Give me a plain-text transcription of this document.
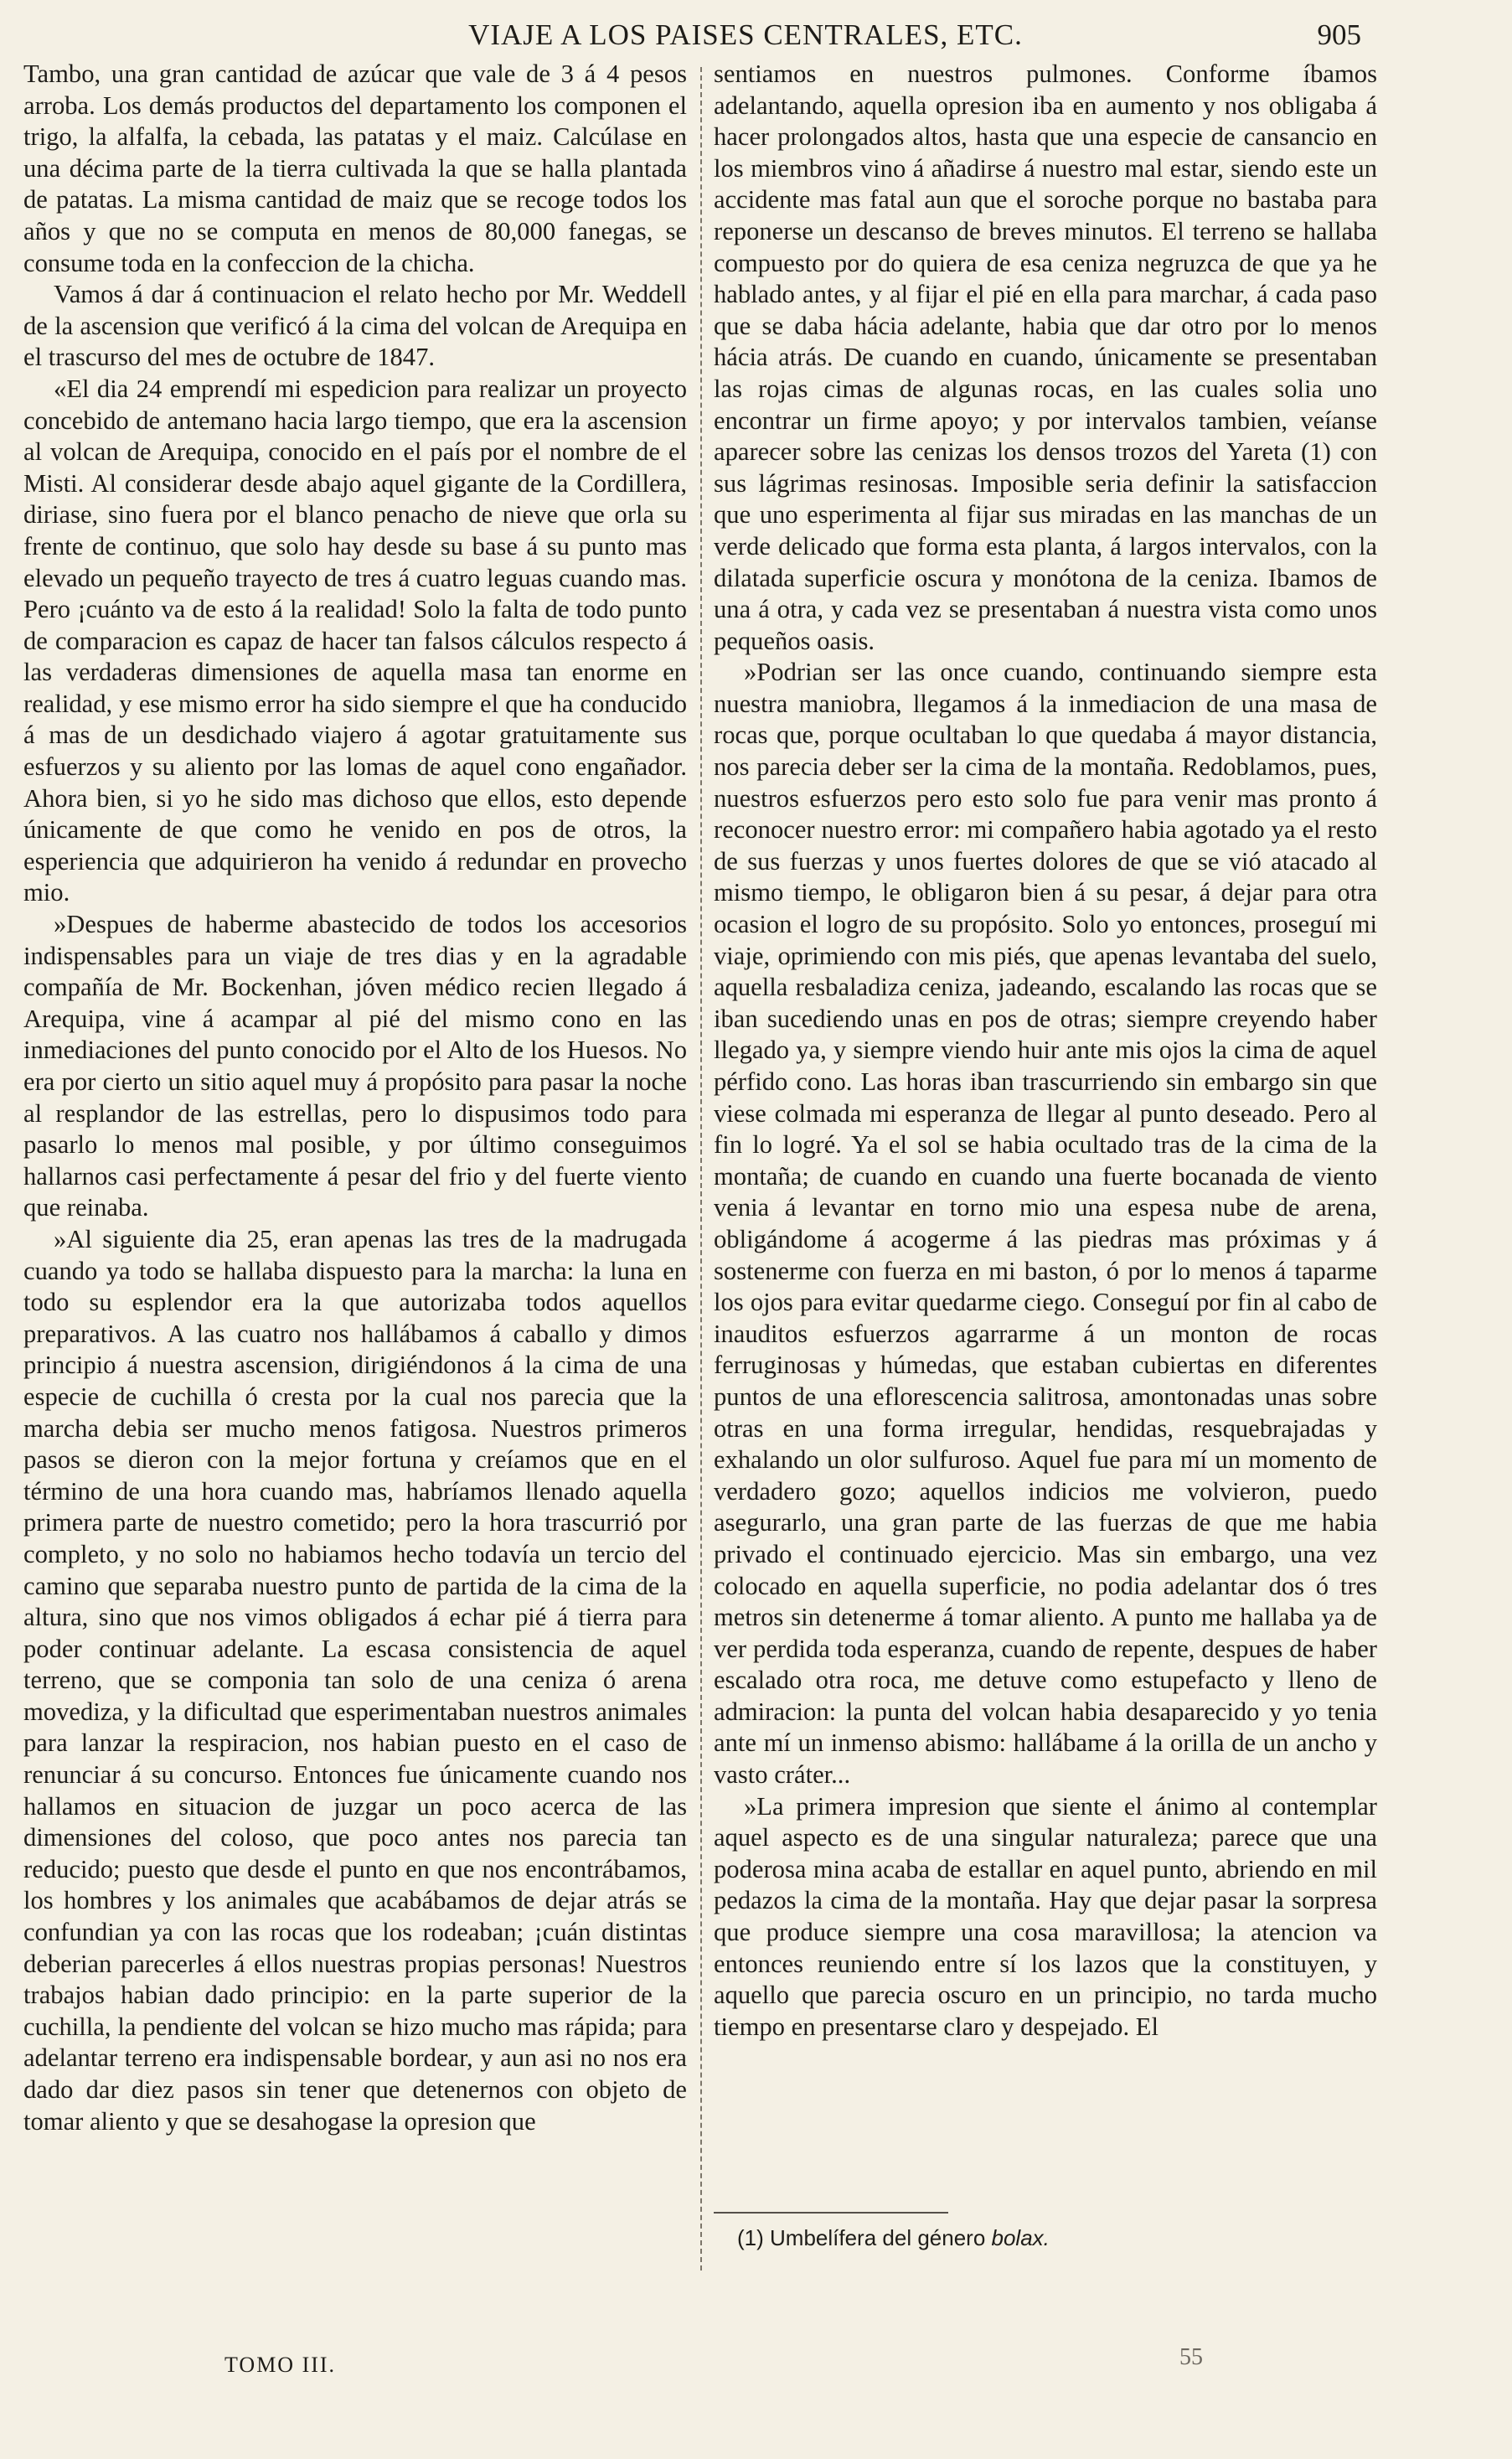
VIAJE A LOS PAISES CENTRALES, ETC.	905

Tambo, una gran cantidad de azúcar que vale de 3 á 4 pesos arroba. Los demás productos del departamento los componen el trigo, la alfalfa, la cebada, las patatas y el maiz. Calcúlase en una décima parte de la tierra cultivada la que se halla plantada de patatas. La misma cantidad de maiz que se recoge todos los años y que no se computa en menos de 80,000 fanegas, se consume toda en la confeccion de la chicha.

Vamos á dar á continuacion el relato hecho por Mr. Weddell de la ascension que verificó á la cima del volcan de Arequipa en el trascurso del mes de octubre de 1847.

«El dia 24 emprendí mi espedicion para realizar un proyecto concebido de antemano hacia largo tiempo, que era la ascension al volcan de Arequipa, conocido en el país por el nombre de el Misti. Al considerar desde abajo aquel gigante de la Cordillera, diriase, sino fuera por el blanco penacho de nieve que orla su frente de continuo, que solo hay desde su base á su punto mas elevado un pequeño trayecto de tres á cuatro leguas cuando mas. Pero ¡cuánto va de esto á la realidad! Solo la falta de todo punto de comparacion es capaz de hacer tan falsos cálculos respecto á las verdaderas dimensiones de aquella masa tan enorme en realidad, y ese mismo error ha sido siempre el que ha conducido á mas de un desdichado viajero á agotar gratuitamente sus esfuerzos y su aliento por las lomas de aquel cono engañador. Ahora bien, si yo he sido mas dichoso que ellos, esto depende únicamente de que como he venido en pos de otros, la esperiencia que adquirieron ha venido á redundar en provecho mio.

»Despues de haberme abastecido de todos los accesorios indispensables para un viaje de tres dias y en la agradable compañía de Mr. Bockenhan, jóven médico recien llegado á Arequipa, vine á acampar al pié del mismo cono en las inmediaciones del punto conocido por el Alto de los Huesos. No era por cierto un sitio aquel muy á propósito para pasar la noche al resplandor de las estrellas, pero lo dispusimos todo para pasarlo lo menos mal posible, y por último conseguimos hallarnos casi perfectamente á pesar del frio y del fuerte viento que reinaba.

»Al siguiente dia 25, eran apenas las tres de la madrugada cuando ya todo se hallaba dispuesto para la marcha: la luna en todo su esplendor era la que autorizaba todos aquellos preparativos. A las cuatro nos hallábamos á caballo y dimos principio á nuestra ascension, dirigiéndonos á la cima de una especie de cuchilla ó cresta por la cual nos parecia que la marcha debia ser mucho menos fatigosa. Nuestros primeros pasos se dieron con la mejor fortuna y creíamos que en el término de una hora cuando mas, habríamos llenado aquella primera parte de nuestro cometido; pero la hora trascurrió por completo, y no solo no habiamos hecho todavía un tercio del camino que separaba nuestro punto de partida de la cima de la altura, sino que nos vimos obligados á echar pié á tierra para poder continuar adelante. La escasa consistencia de aquel terreno, que se componia tan solo de una ceniza ó arena movediza, y la dificultad que esperimentaban nuestros animales para lanzar la respiracion, nos habian puesto en el caso de renunciar á su concurso. Entonces fue únicamente cuando nos hallamos en situacion de juzgar un poco acerca de las dimensiones del coloso, que poco antes nos parecia tan reducido; puesto que desde el punto en que nos encontrábamos, los hombres y los animales que acabábamos de dejar atrás se confundian ya con las rocas que los rodeaban; ¡cuán distintas deberian parecerles á ellos nuestras propias personas! Nuestros trabajos habian dado principio: en la parte superior de la cuchilla, la pendiente del volcan se hizo mucho mas rápida; para adelantar terreno era indispensable bordear, y aun asi no nos era dado dar diez pasos sin tener que detenernos con objeto de tomar aliento y que se desahogase la opresion que

sentiamos en nuestros pulmones. Conforme íbamos adelantando, aquella opresion iba en aumento y nos obligaba á hacer prolongados altos, hasta que una especie de cansancio en los miembros vino á añadirse á nuestro mal estar, siendo este un accidente mas fatal aun que el soroche porque no bastaba para reponerse un descanso de breves minutos. El terreno se hallaba compuesto por do quiera de esa ceniza negruzca de que ya he hablado antes, y al fijar el pié en ella para marchar, á cada paso que se daba hácia adelante, habia que dar otro por lo menos hácia atrás. De cuando en cuando, únicamente se presentaban las rojas cimas de algunas rocas, en las cuales solia uno encontrar un firme apoyo; y por intervalos tambien, veíanse aparecer sobre las cenizas los densos trozos del Yareta (1) con sus lágrimas resinosas. Imposible seria definir la satisfaccion que uno esperimenta al fijar sus miradas en las manchas de un verde delicado que forma esta planta, á largos intervalos, con la dilatada superficie oscura y monótona de la ceniza. Ibamos de una á otra, y cada vez se presentaban á nuestra vista como unos pequeños oasis.

»Podrian ser las once cuando, continuando siempre esta nuestra maniobra, llegamos á la inmediacion de una masa de rocas que, porque ocultaban lo que quedaba á mayor distancia, nos parecia deber ser la cima de la montaña. Redoblamos, pues, nuestros esfuerzos pero esto solo fue para venir mas pronto á reconocer nuestro error: mi compañero habia agotado ya el resto de sus fuerzas y unos fuertes dolores de que se vió atacado al mismo tiempo, le obligaron bien á su pesar, á dejar para otra ocasion el logro de su propósito. Solo yo entonces, proseguí mi viaje, oprimiendo con mis piés, que apenas levantaba del suelo, aquella resbaladiza ceniza, jadeando, escalando las rocas que se iban sucediendo unas en pos de otras; siempre creyendo haber llegado ya, y siempre viendo huir ante mis ojos la cima de aquel pérfido cono. Las horas iban trascurriendo sin embargo sin que viese colmada mi esperanza de llegar al punto deseado. Pero al fin lo logré. Ya el sol se habia ocultado tras de la cima de la montaña; de cuando en cuando una fuerte bocanada de viento venia á levantar en torno mio una espesa nube de arena, obligándome á acogerme á las piedras mas próximas y á sostenerme con fuerza en mi baston, ó por lo menos á taparme los ojos para evitar quedarme ciego. Conseguí por fin al cabo de inauditos esfuerzos agarrarme á un monton de rocas ferruginosas y húmedas, que estaban cubiertas en diferentes puntos de una eflorescencia salitrosa, amontonadas unas sobre otras en una forma irregular, hendidas, resquebrajadas y exhalando un olor sulfuroso. Aquel fue para mí un momento de verdadero gozo; aquellos indicios me volvieron, puedo asegurarlo, una gran parte de las fuerzas de que me habia privado el continuado ejercicio. Mas sin embargo, una vez colocado en aquella superficie, no podia adelantar dos ó tres metros sin detenerme á tomar aliento. A punto me hallaba ya de ver perdida toda esperanza, cuando de repente, despues de haber escalado otra roca, me detuve como estupefacto y lleno de admiracion: la punta del volcan habia desaparecido y yo tenia ante mí un inmenso abismo: hallábame á la orilla de un ancho y vasto cráter...

»La primera impresion que siente el ánimo al contemplar aquel aspecto es de una singular naturaleza; parece que una poderosa mina acaba de estallar en aquel punto, abriendo en mil pedazos la cima de la montaña. Hay que dejar pasar la sorpresa que produce siempre una cosa maravillosa; la atencion va entonces reuniendo entre sí los lazos que la constituyen, y aquello que parecia oscuro en un principio, no tarda mucho tiempo en presentarse claro y despejado. El

(1) Umbelífera del género bolax.
TOMO III.	55
